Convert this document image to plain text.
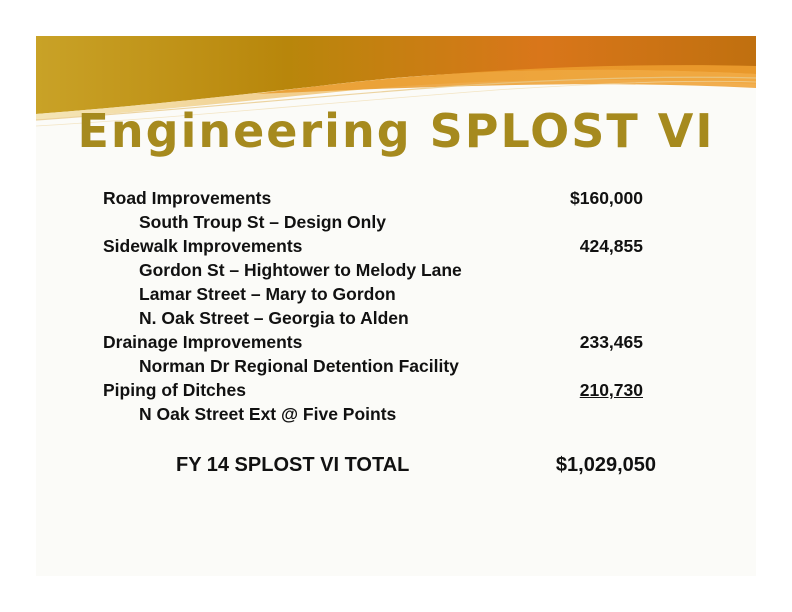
Engineering SPLOST VI
Road Improvements	$160,000
South Troup St – Design Only
Sidewalk Improvements	424,855
Gordon St – Hightower to Melody Lane
Lamar Street – Mary to Gordon
N. Oak Street – Georgia to Alden
Drainage Improvements	233,465
Norman Dr Regional Detention Facility
Piping of Ditches	210,730
N Oak Street Ext @ Five Points
FY 14 SPLOST VI TOTAL	$1,029,050
